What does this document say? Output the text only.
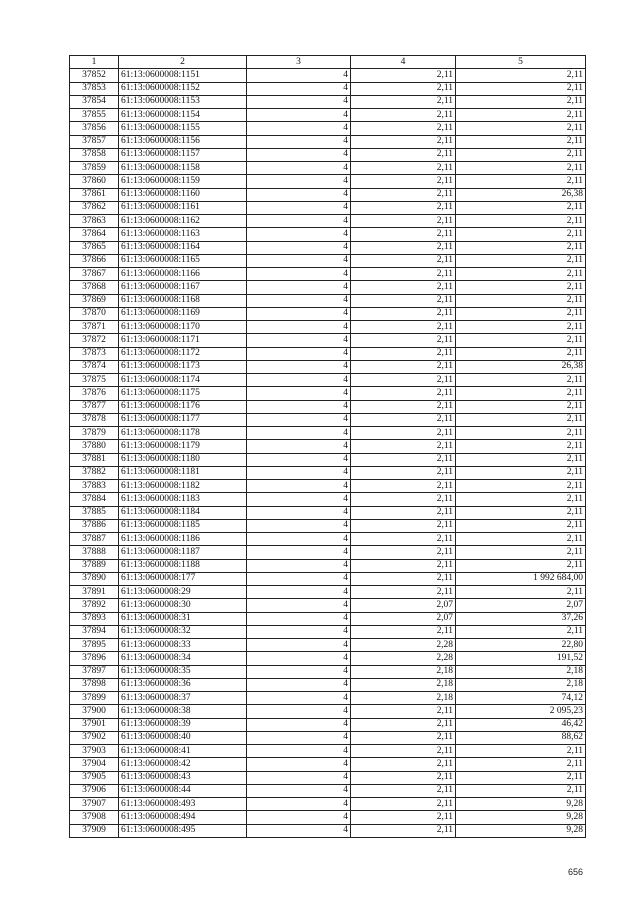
1	2	3	4	5
37852	61:13:0600008:1151	4	2,11	2,11
37853	61:13:0600008:1152	4	2,11	2,11
37854	61:13:0600008:1153	4	2,11	2,11
37855	61:13:0600008:1154	4	2,11	2,11
37856	61:13:0600008:1155	4	2,11	2,11
37857	61:13:0600008:1156	4	2,11	2,11
37858	61:13:0600008:1157	4	2,11	2,11
37859	61:13:0600008:1158	4	2,11	2,11
37860	61:13:0600008:1159	4	2,11	2,11
37861	61:13:0600008:1160	4	2,11	26,38
37862	61:13:0600008:1161	4	2,11	2,11
37863	61:13:0600008:1162	4	2,11	2,11
37864	61:13:0600008:1163	4	2,11	2,11
37865	61:13:0600008:1164	4	2,11	2,11
37866	61:13:0600008:1165	4	2,11	2,11
37867	61:13:0600008:1166	4	2,11	2,11
37868	61:13:0600008:1167	4	2,11	2,11
37869	61:13:0600008:1168	4	2,11	2,11
37870	61:13:0600008:1169	4	2,11	2,11
37871	61:13:0600008:1170	4	2,11	2,11
37872	61:13:0600008:1171	4	2,11	2,11
37873	61:13:0600008:1172	4	2,11	2,11
37874	61:13:0600008:1173	4	2,11	26,38
37875	61:13:0600008:1174	4	2,11	2,11
37876	61:13:0600008:1175	4	2,11	2,11
37877	61:13:0600008:1176	4	2,11	2,11
37878	61:13:0600008:1177	4	2,11	2,11
37879	61:13:0600008:1178	4	2,11	2,11
37880	61:13:0600008:1179	4	2,11	2,11
37881	61:13:0600008:1180	4	2,11	2,11
37882	61:13:0600008:1181	4	2,11	2,11
37883	61:13:0600008:1182	4	2,11	2,11
37884	61:13:0600008:1183	4	2,11	2,11
37885	61:13:0600008:1184	4	2,11	2,11
37886	61:13:0600008:1185	4	2,11	2,11
37887	61:13:0600008:1186	4	2,11	2,11
37888	61:13:0600008:1187	4	2,11	2,11
37889	61:13:0600008:1188	4	2,11	2,11
37890	61:13:0600008:177	4	2,11	1 992 684,00
37891	61:13:0600008:29	4	2,11	2,11
37892	61:13:0600008:30	4	2,07	2,07
37893	61:13:0600008:31	4	2,07	37,26
37894	61:13:0600008:32	4	2,11	2,11
37895	61:13:0600008:33	4	2,28	22,80
37896	61:13:0600008:34	4	2,28	191,52
37897	61:13:0600008:35	4	2,18	2,18
37898	61:13:0600008:36	4	2,18	2,18
37899	61:13:0600008:37	4	2,18	74,12
37900	61:13:0600008:38	4	2,11	2 095,23
37901	61:13:0600008:39	4	2,11	46,42
37902	61:13:0600008:40	4	2,11	88,62
37903	61:13:0600008:41	4	2,11	2,11
37904	61:13:0600008:42	4	2,11	2,11
37905	61:13:0600008:43	4	2,11	2,11
37906	61:13:0600008:44	4	2,11	2,11
37907	61:13:0600008:493	4	2,11	9,28
37908	61:13:0600008:494	4	2,11	9,28
37909	61:13:0600008:495	4	2,11	9,28
656
